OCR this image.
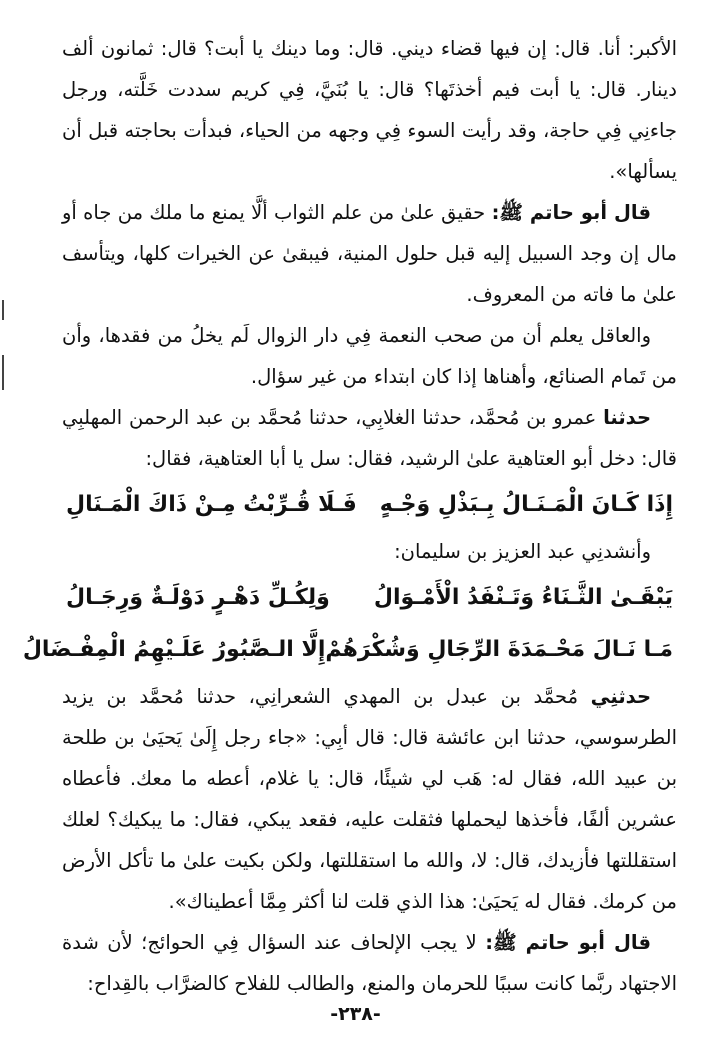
الأكبر: أنا. قال: إن فيها قضاء ديني. قال: وما دينك يا أبت؟ قال: ثمانون ألف دينار. قال: يا أبت فيم أخذتَها؟ قال: يا بُنَيَّ، فِي كريم سددت خَلَّته، ورجل جاءنِي فِي حاجة، وقد رأيت السوء فِي وجهه من الحياء، فبدأت بحاجته قبل أن يسألها».

قال أبو حاتم ﷺ: حقيق علىٰ من علم الثواب ألَّا يمنع ما ملك من جاه أو مال إن وجد السبيل إليه قبل حلول المنية، فيبقىٰ عن الخيرات كلها، ويتأسف علىٰ ما فاته من المعروف.

والعاقل يعلم أن من صحب النعمة فِي دار الزوال لَم يخلُ من فقدها، وأن من تَمام الصنائع، وأهناها إذا كان ابتداء من غير سؤال.

حدثنا عمرو بن مُحمَّد، حدثنا الغلابِي، حدثنا مُحمَّد بن عبد الرحمن المهلبِي قال: دخل أبو العتاهية علىٰ الرشيد، فقال: سل يا أبا العتاهية، فقال:

إِذَا كَـانَ الْمَـنَـالُ بِـبَذْلِ وَجْـهٍ
فَـلَا قُـرِّبْتُ مِـنْ ذَاكَ الْمَـنَالِ

وأنشدنِي عبد العزيز بن سليمان:

يَبْقَـىٰ الثَّـنَاءُ وَتَـنْفَدُ الْأَمْـوَالُ
وَلِكُـلِّ دَهْـرٍ دَوْلَـةٌ وَرِجَـالُ
مَـا نَـالَ مَحْـمَدَةَ الرِّجَالِ وَشُكْرَهُمْ
إِلَّا الـصَّبُورُ عَلَـيْهِمُ الْمِفْـضَالُ

حدثنِي مُحمَّد بن عبدل بن المهدي الشعرانِي، حدثنا مُحمَّد بن يزيد الطرسوسي، حدثنا ابن عائشة قال: قال أبِي: «جاء رجل إِلَىٰ يَحيَىٰ بن طلحة بن عبيد الله، فقال له: هَب لي شيئًا، قال: يا غلام، أعطه ما معك. فأعطاه عشرين ألفًا، فأخذها ليحملها فثقلت عليه، فقعد يبكي، فقال: ما يبكيك؟ لعلك استقللتها فأزيدك، قال: لا، والله ما استقللتها، ولكن بكيت علىٰ ما تأكل الأرض من كرمك. فقال له يَحيَىٰ: هذا الذي قلت لنا أكثر مِمَّا أعطيناك».

قال أبو حاتم ﷺ: لا يجب الإلحاف عند السؤال فِي الحوائج؛ لأن شدة الاجتهاد ربَّما كانت سببًا للحرمان والمنع، والطالب للفلاح كالضرَّاب بالقِداح:

-٢٣٨-
